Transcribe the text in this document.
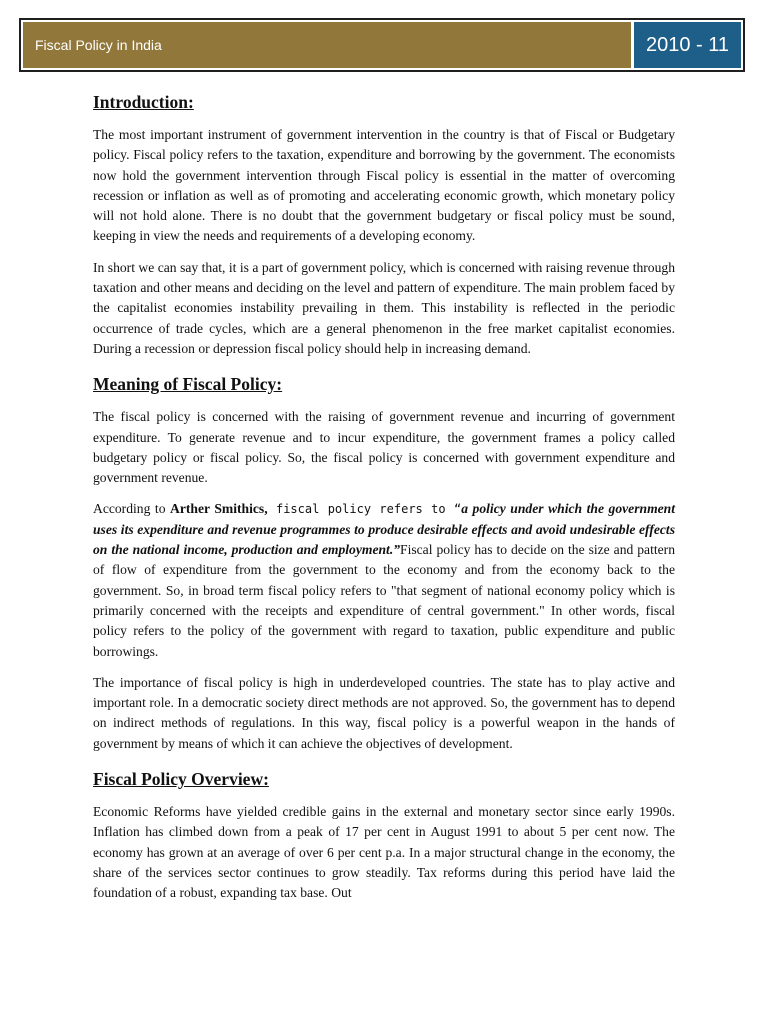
Fiscal Policy in India	2010 - 11
Introduction:

The most important instrument of government intervention in the country is that of Fiscal or Budgetary policy. Fiscal policy refers to the taxation, expenditure and borrowing by the government. The economists now hold the government intervention through Fiscal policy is essential in the matter of overcoming recession or inflation as well as of promoting and accelerating economic growth, which monetary policy will not hold alone. There is no doubt that the government budgetary or fiscal policy must be sound, keeping in view the needs and requirements of a developing economy.

In short we can say that, it is a part of government policy, which is concerned with raising revenue through taxation and other means and deciding on the level and pattern of expenditure. The main problem faced by the capitalist economies instability prevailing in them. This instability is reflected in the periodic occurrence of trade cycles, which are a general phenomenon in the free market capitalist economies. During a recession or depression fiscal policy should help in increasing demand.

Meaning of Fiscal Policy:

The fiscal policy is concerned with the raising of government revenue and incurring of government expenditure. To generate revenue and to incur expenditure, the government frames a policy called budgetary policy or fiscal policy. So, the fiscal policy is concerned with government expenditure and government revenue.

According to Arther Smithics, fiscal policy refers to “a policy under which the government uses its expenditure and revenue programmes to produce desirable effects and avoid undesirable effects on the national income, production and employment.”Fiscal policy has to decide on the size and pattern of flow of expenditure from the government to the economy and from the economy back to the government. So, in broad term fiscal policy refers to "that segment of national economy policy which is primarily concerned with the receipts and expenditure of central government." In other words, fiscal policy refers to the policy of the government with regard to taxation, public expenditure and public borrowings.

The importance of fiscal policy is high in underdeveloped countries. The state has to play active and important role. In a democratic society direct methods are not approved. So, the government has to depend on indirect methods of regulations. In this way, fiscal policy is a powerful weapon in the hands of government by means of which it can achieve the objectives of development.

Fiscal Policy Overview:

Economic Reforms have yielded credible gains in the external and monetary sector since early 1990s. Inflation has climbed down from a peak of 17 per cent in August 1991 to about 5 per cent now. The economy has grown at an average of over 6 per cent p.a. In a major structural change in the economy, the share of the services sector continues to grow steadily. Tax reforms during this period have laid the foundation of a robust, expanding tax base. Out
